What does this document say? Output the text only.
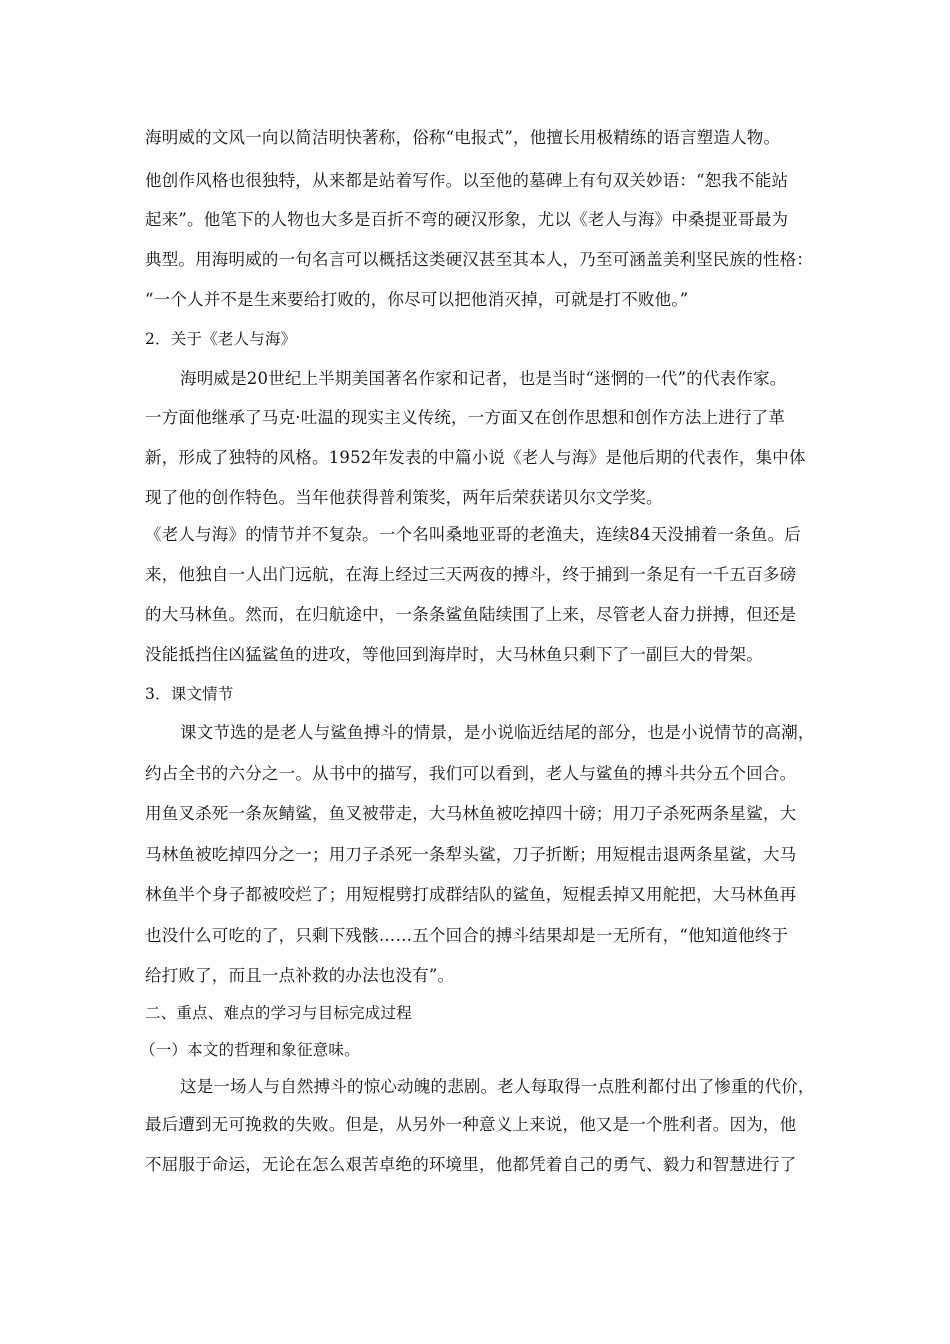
海明威的文风一向以简洁明快著称，俗称“电报式”，他擅长用极精练的语言塑造人物。
他创作风格也很独特，从来都是站着写作。以至他的墓碑上有句双关妙语：“恕我不能站
起来”。他笔下的人物也大多是百折不弯的硬汉形象，尤以《老人与海》中桑提亚哥最为
典型。用海明威的一句名言可以概括这类硬汉甚至其本人，乃至可涵盖美利坚民族的性格：
“一个人并不是生来要给打败的，你尽可以把他消灭掉，可就是打不败他。”
2．关于《老人与海》
海明威是20世纪上半期美国著名作家和记者，也是当时“迷惘的一代”的代表作家。
一方面他继承了马克·吐温的现实主义传统，一方面又在创作思想和创作方法上进行了革
新，形成了独特的风格。1952年发表的中篇小说《老人与海》是他后期的代表作，集中体
现了他的创作特色。当年他获得普利策奖，两年后荣获诺贝尔文学奖。
《老人与海》的情节并不复杂。一个名叫桑地亚哥的老渔夫，连续84天没捕着一条鱼。后
来，他独自一人出门远航，在海上经过三天两夜的搏斗，终于捕到一条足有一千五百多磅
的大马林鱼。然而，在归航途中，一条条鲨鱼陆续围了上来，尽管老人奋力拼搏，但还是
没能抵挡住凶猛鲨鱼的进攻，等他回到海岸时，大马林鱼只剩下了一副巨大的骨架。
3．课文情节
课文节选的是老人与鲨鱼搏斗的情景，是小说临近结尾的部分，也是小说情节的高潮，
约占全书的六分之一。从书中的描写，我们可以看到，老人与鲨鱼的搏斗共分五个回合。
用鱼叉杀死一条灰鲭鲨，鱼叉被带走，大马林鱼被吃掉四十磅；用刀子杀死两条星鲨，大
马林鱼被吃掉四分之一；用刀子杀死一条犁头鲨，刀子折断；用短棍击退两条星鲨，大马
林鱼半个身子都被咬烂了；用短棍劈打成群结队的鲨鱼，短棍丢掉又用舵把，大马林鱼再
也没什么可吃的了，只剩下残骸……五个回合的搏斗结果却是一无所有，“他知道他终于
给打败了，而且一点补救的办法也没有”。
二、重点、难点的学习与目标完成过程
（一）本文的哲理和象征意味。
这是一场人与自然搏斗的惊心动魄的悲剧。老人每取得一点胜利都付出了惨重的代价，
最后遭到无可挽救的失败。但是，从另外一种意义上来说，他又是一个胜利者。因为，他
不屈服于命运，无论在怎么艰苦卓绝的环境里，他都凭着自己的勇气、毅力和智慧进行了
